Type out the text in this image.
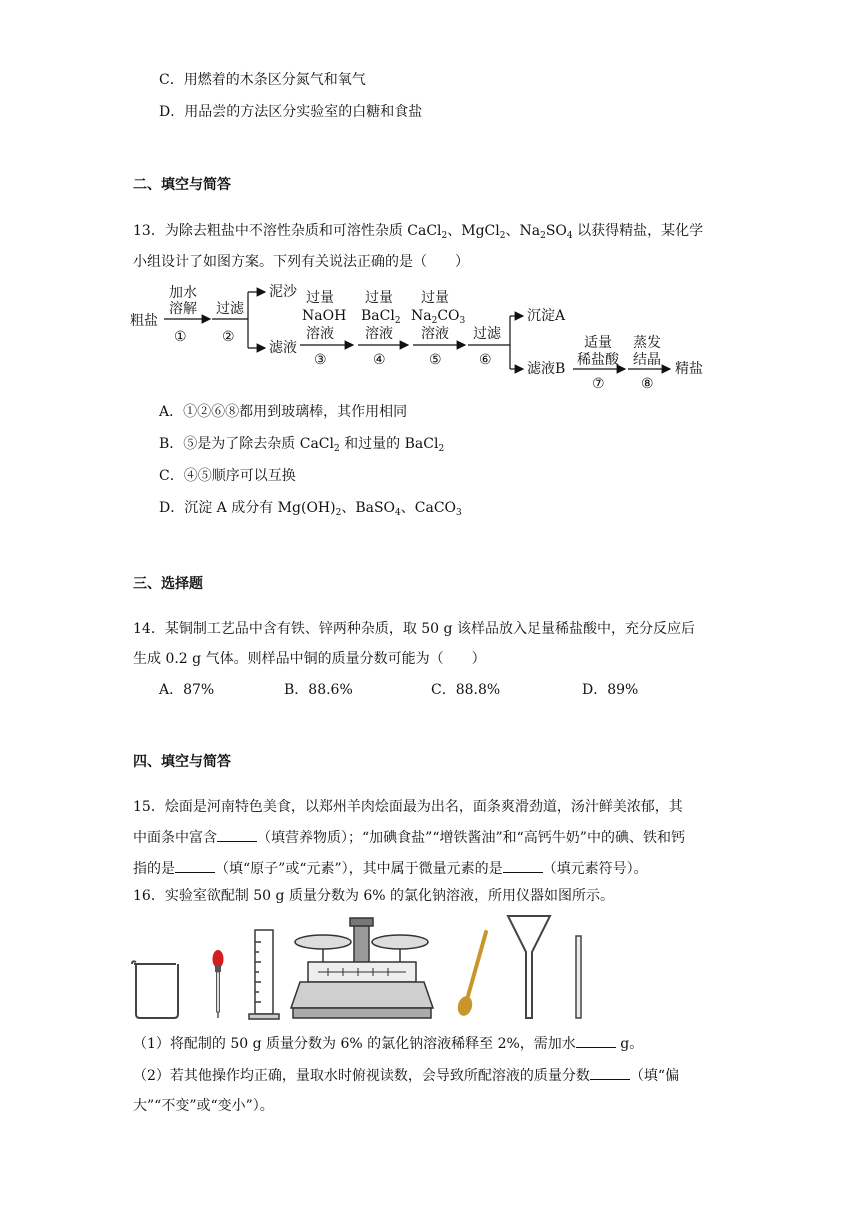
C．用燃着的木条区分氮气和氧气
D．用品尝的方法区分实验室的白糖和食盐
二、填空与简答
13．为除去粗盐中不溶性杂质和可溶性杂质 CaCl$_2$、MgCl$_2$、$Na_2SO_4$ 以获得精盐，某化学
小组设计了如图方案。下列有关说法正确的是（　　）
粗盐
加水
溶解
①
过滤
②
泥沙
滤液
过量
NaOH
溶液
③
过量
BaCl$_2$
溶液
④
过量
$Na_2CO_3$
溶液
⑤
过滤
⑥
沉淀A
滤液B
适量
稀盐酸
⑦
蒸发
结晶
⑧
精盐
A．①②⑥⑧都用到玻璃棒，其作用相同
B．⑤是为了除去杂质 CaCl$_2$ 和过量的 BaCl$_2$
C．④⑤顺序可以互换
D．沉淀 A 成分有 $Mg(OH)_2$、BaSO$_4$、CaCO$_3$
三、选择题
14．某铜制工艺品中含有铁、锌两种杂质，取 50 g 该样品放入足量稀盐酸中，充分反应后
生成 0.2 g 气体。则样品中铜的质量分数可能为（　　）
A．87%	B．88.6%	C．88.8%	D．89%
四、填空与简答
15．烩面是河南特色美食，以郑州羊肉烩面最为出名，面条爽滑劲道，汤汁鲜美浓郁，其
中面条中富含	（填营养物质）；“加碘食盐”“增铁酱油”和“高钙牛奶”中的碘、铁和钙
指的是	（填“原子”或“元素”），其中属于微量元素的是	（填元素符号）。
16．实验室欲配制 50 g 质量分数为 6% 的氯化钠溶液，所用仪器如图所示。
（1）将配制的 50 g 质量分数为 6% 的氯化钠溶液稀释至 2%，需加水	g。
（2）若其他操作均正确，量取水时俯视读数，会导致所配溶液的质量分数	（填“偏
大”“不变”或“变小”）。
